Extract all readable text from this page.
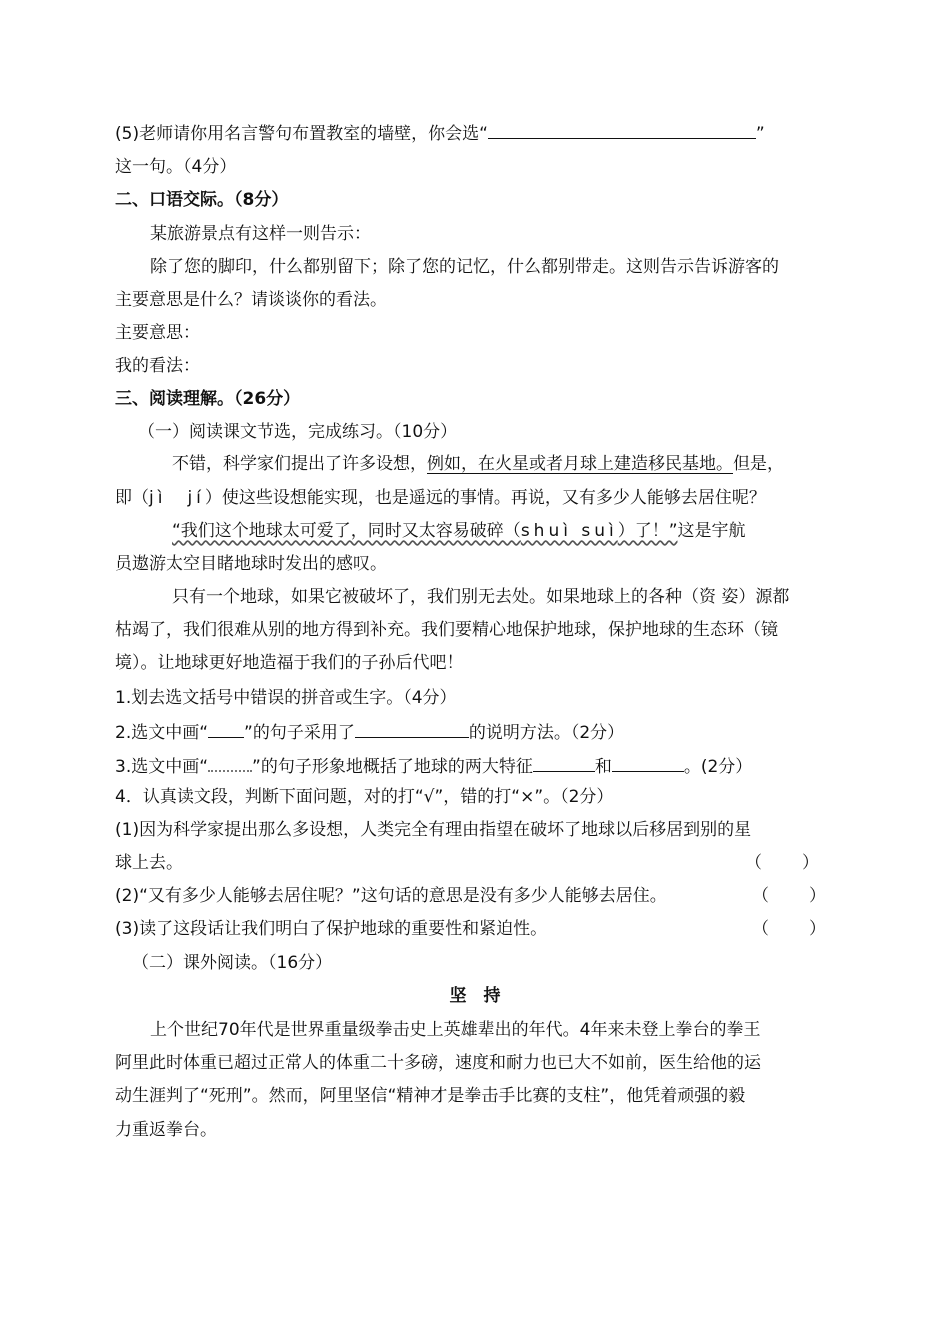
(5)老师请你用名言警句布置教室的墙壁，你会选“	”
这一句。（4分）
二、口语交际。（8分）
某旅游景点有这样一则告示：
除了您的脚印，什么都别留下；除了您的记忆，什么都别带走。这则告示告诉游客的
主要意思是什么？请谈谈你的看法。
主要意思：
我的看法：
三、阅读理解。（26分）
（一）阅读课文节选，完成练习。（10分）
不错，科学家们提出了许多设想，例如，在火星或者月球上建造移民基地。但是，
即（jì　jí）使这些设想能实现，也是遥远的事情。再说，又有多少人能够去居住呢？
“我们这个地球太可爱了，同时又太容易破碎（shuì suì）了！”这是宇航
员遨游太空目睹地球时发出的感叹。
只有一个地球，如果它被破坏了，我们别无去处。如果地球上的各种（资 姿）源都
枯竭了，我们很难从别的地方得到补充。我们要精心地保护地球，保护地球的生态环（镜
境）。让地球更好地造福于我们的子孙后代吧！
1.划去选文括号中错误的拼音或生字。（4分）
2.选文中画“ ”的句子采用了	的说明方法。（2分）
3.选文中画“	”的句子形象地概括了地球的两大特征	和	。(2分）
4．认真读文段，判断下面问题，对的打“√”，错的打“×”。（2分）
(1)因为科学家提出那么多设想，人类完全有理由指望在破坏了地球以后移居到别的星
球上去。	（ ）
(2)“又有多少人能够去居住呢？”这句话的意思是没有多少人能够去居住。	（ ）
(3)读了这段话让我们明白了保护地球的重要性和紧迫性。	（ ）
（二）课外阅读。（16分）
坚　持
上个世纪70年代是世界重量级拳击史上英雄辈出的年代。4年来未登上拳台的拳王
阿里此时体重已超过正常人的体重二十多磅，速度和耐力也已大不如前，医生给他的运
动生涯判了“死刑”。然而，阿里坚信“精神才是拳击手比赛的支柱”，他凭着顽强的毅
力重返拳台。
